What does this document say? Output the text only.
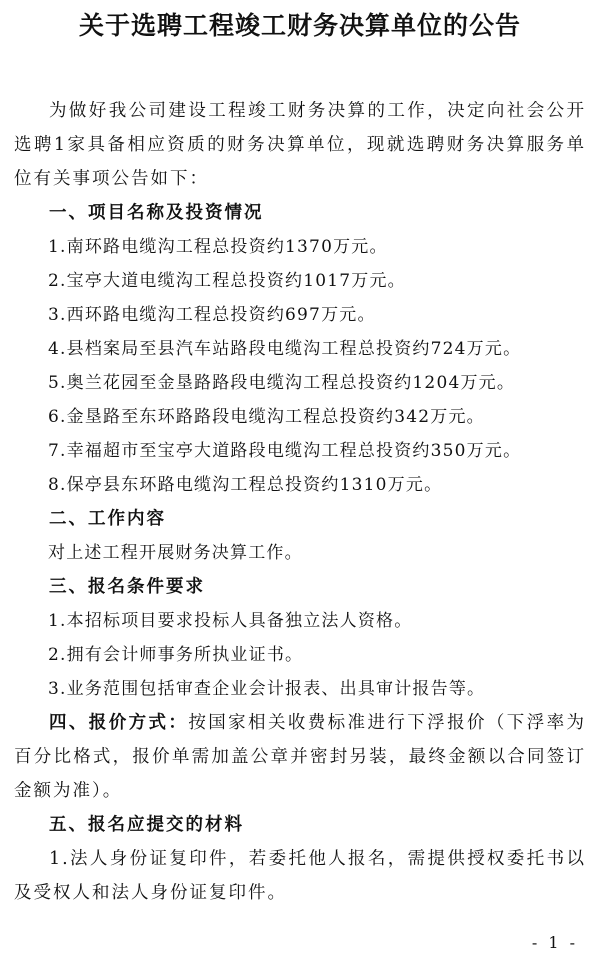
关于选聘工程竣工财务决算单位的公告

为做好我公司建设工程竣工财务决算的工作，决定向社会公开选聘1家具备相应资质的财务决算单位，现就选聘财务决算服务单位有关事项公告如下：

一、项目名称及投资情况

1.南环路电缆沟工程总投资约1370万元。

2.宝亭大道电缆沟工程总投资约1017万元。

3.西环路电缆沟工程总投资约697万元。

4.县档案局至县汽车站路段电缆沟工程总投资约724万元。

5.奥兰花园至金垦路路段电缆沟工程总投资约1204万元。

6.金垦路至东环路路段电缆沟工程总投资约342万元。

7.幸福超市至宝亭大道路段电缆沟工程总投资约350万元。

8.保亭县东环路电缆沟工程总投资约1310万元。

二、工作内容

对上述工程开展财务决算工作。

三、报名条件要求

1.本招标项目要求投标人具备独立法人资格。

2.拥有会计师事务所执业证书。

3.业务范围包括审查企业会计报表、出具审计报告等。

四、报价方式：按国家相关收费标准进行下浮报价（下浮率为百分比格式，报价单需加盖公章并密封另装，最终金额以合同签订金额为准）。

五、报名应提交的材料

1.法人身份证复印件，若委托他人报名，需提供授权委托书以及受权人和法人身份证复印件。

- 1 -
